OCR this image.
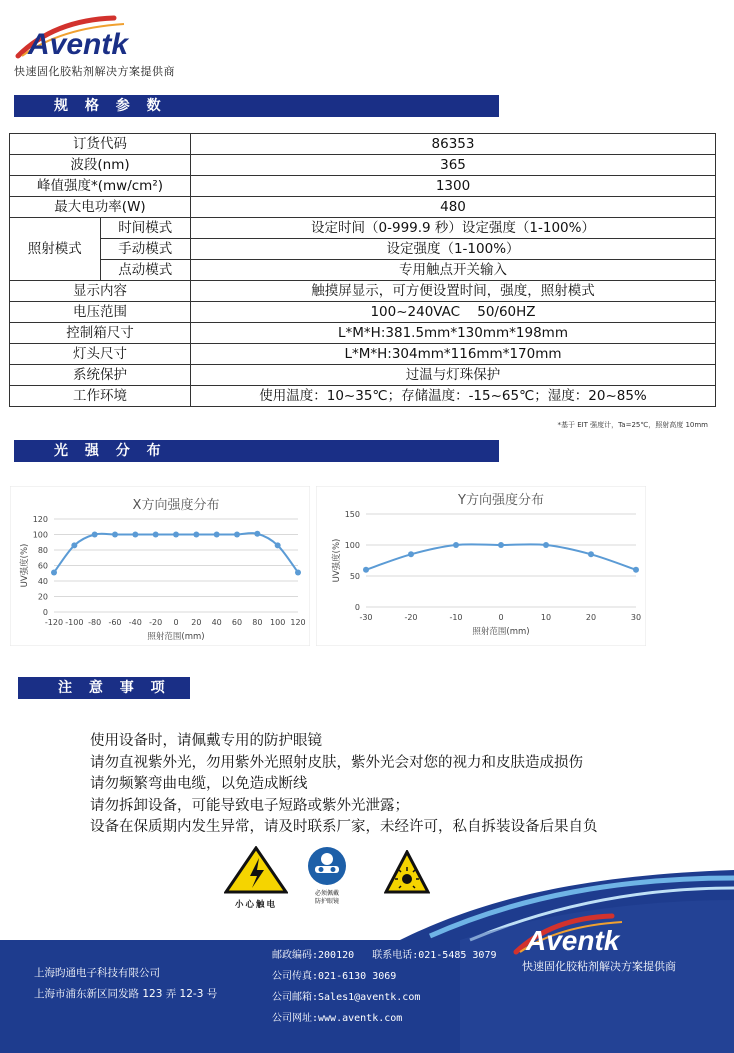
Aventk
快速固化胶粘剂解决方案提供商
规 格 参 数
订货代码		86353
波段(nm)		365
峰值强度*(mw/cm²)		1300
最大电功率(W)		480
照射模式	时间模式	设定时间（0-999.9 秒）设定强度（1-100%）
	手动模式	设定强度（1-100%）
	点动模式	专用触点开关输入
显示内容		触摸屏显示，可方便设置时间，强度，照射模式
电压范围		100~240VAC    50/60HZ
控制箱尺寸		L*M*H:381.5mm*130mm*198mm
灯头尺寸		L*M*H:304mm*116mm*170mm
系统保护		过温与灯珠保护
工作环境		使用温度：10~35℃；存储温度：-15~65℃；湿度：20~85%
*基于 EIT 强度计，Ta=25℃，照射高度 10mm
光 强 分 布
X方向强度分布
0
20
40
60
80
100
120
-120 -100 -80 -60 -40 -20 0 20 40 60 80 100 120
照射范围(mm)
UV强度(%)
Y方向强度分布
0
50
100
150
-30	-20	-10	0	10	20	30
照射范围(mm)
UV强度(%)
注 意 事 项
使用设备时，请佩戴专用的防护眼镜
请勿直视紫外光，勿用紫外光照射皮肤，紫外光会对您的视力和皮肤造成损伤
请勿频繁弯曲电缆，以免造成断线
请勿拆卸设备，可能导致电子短路或紫外光泄露；
设备在保质期内发生异常，请及时联系厂家，未经许可，私自拆装设备后果自负
小心触电
必须佩戴
防护眼镜
上海昀通电子科技有限公司
上海市浦东新区同发路 123 弄 12-3 号
邮政编码:200120   联系电话:021-5485 3079
公司传真:021-6130 3069
公司邮箱:Sales1@aventk.com
公司网址:www.aventk.com
Aventk
快速固化胶粘剂解决方案提供商
